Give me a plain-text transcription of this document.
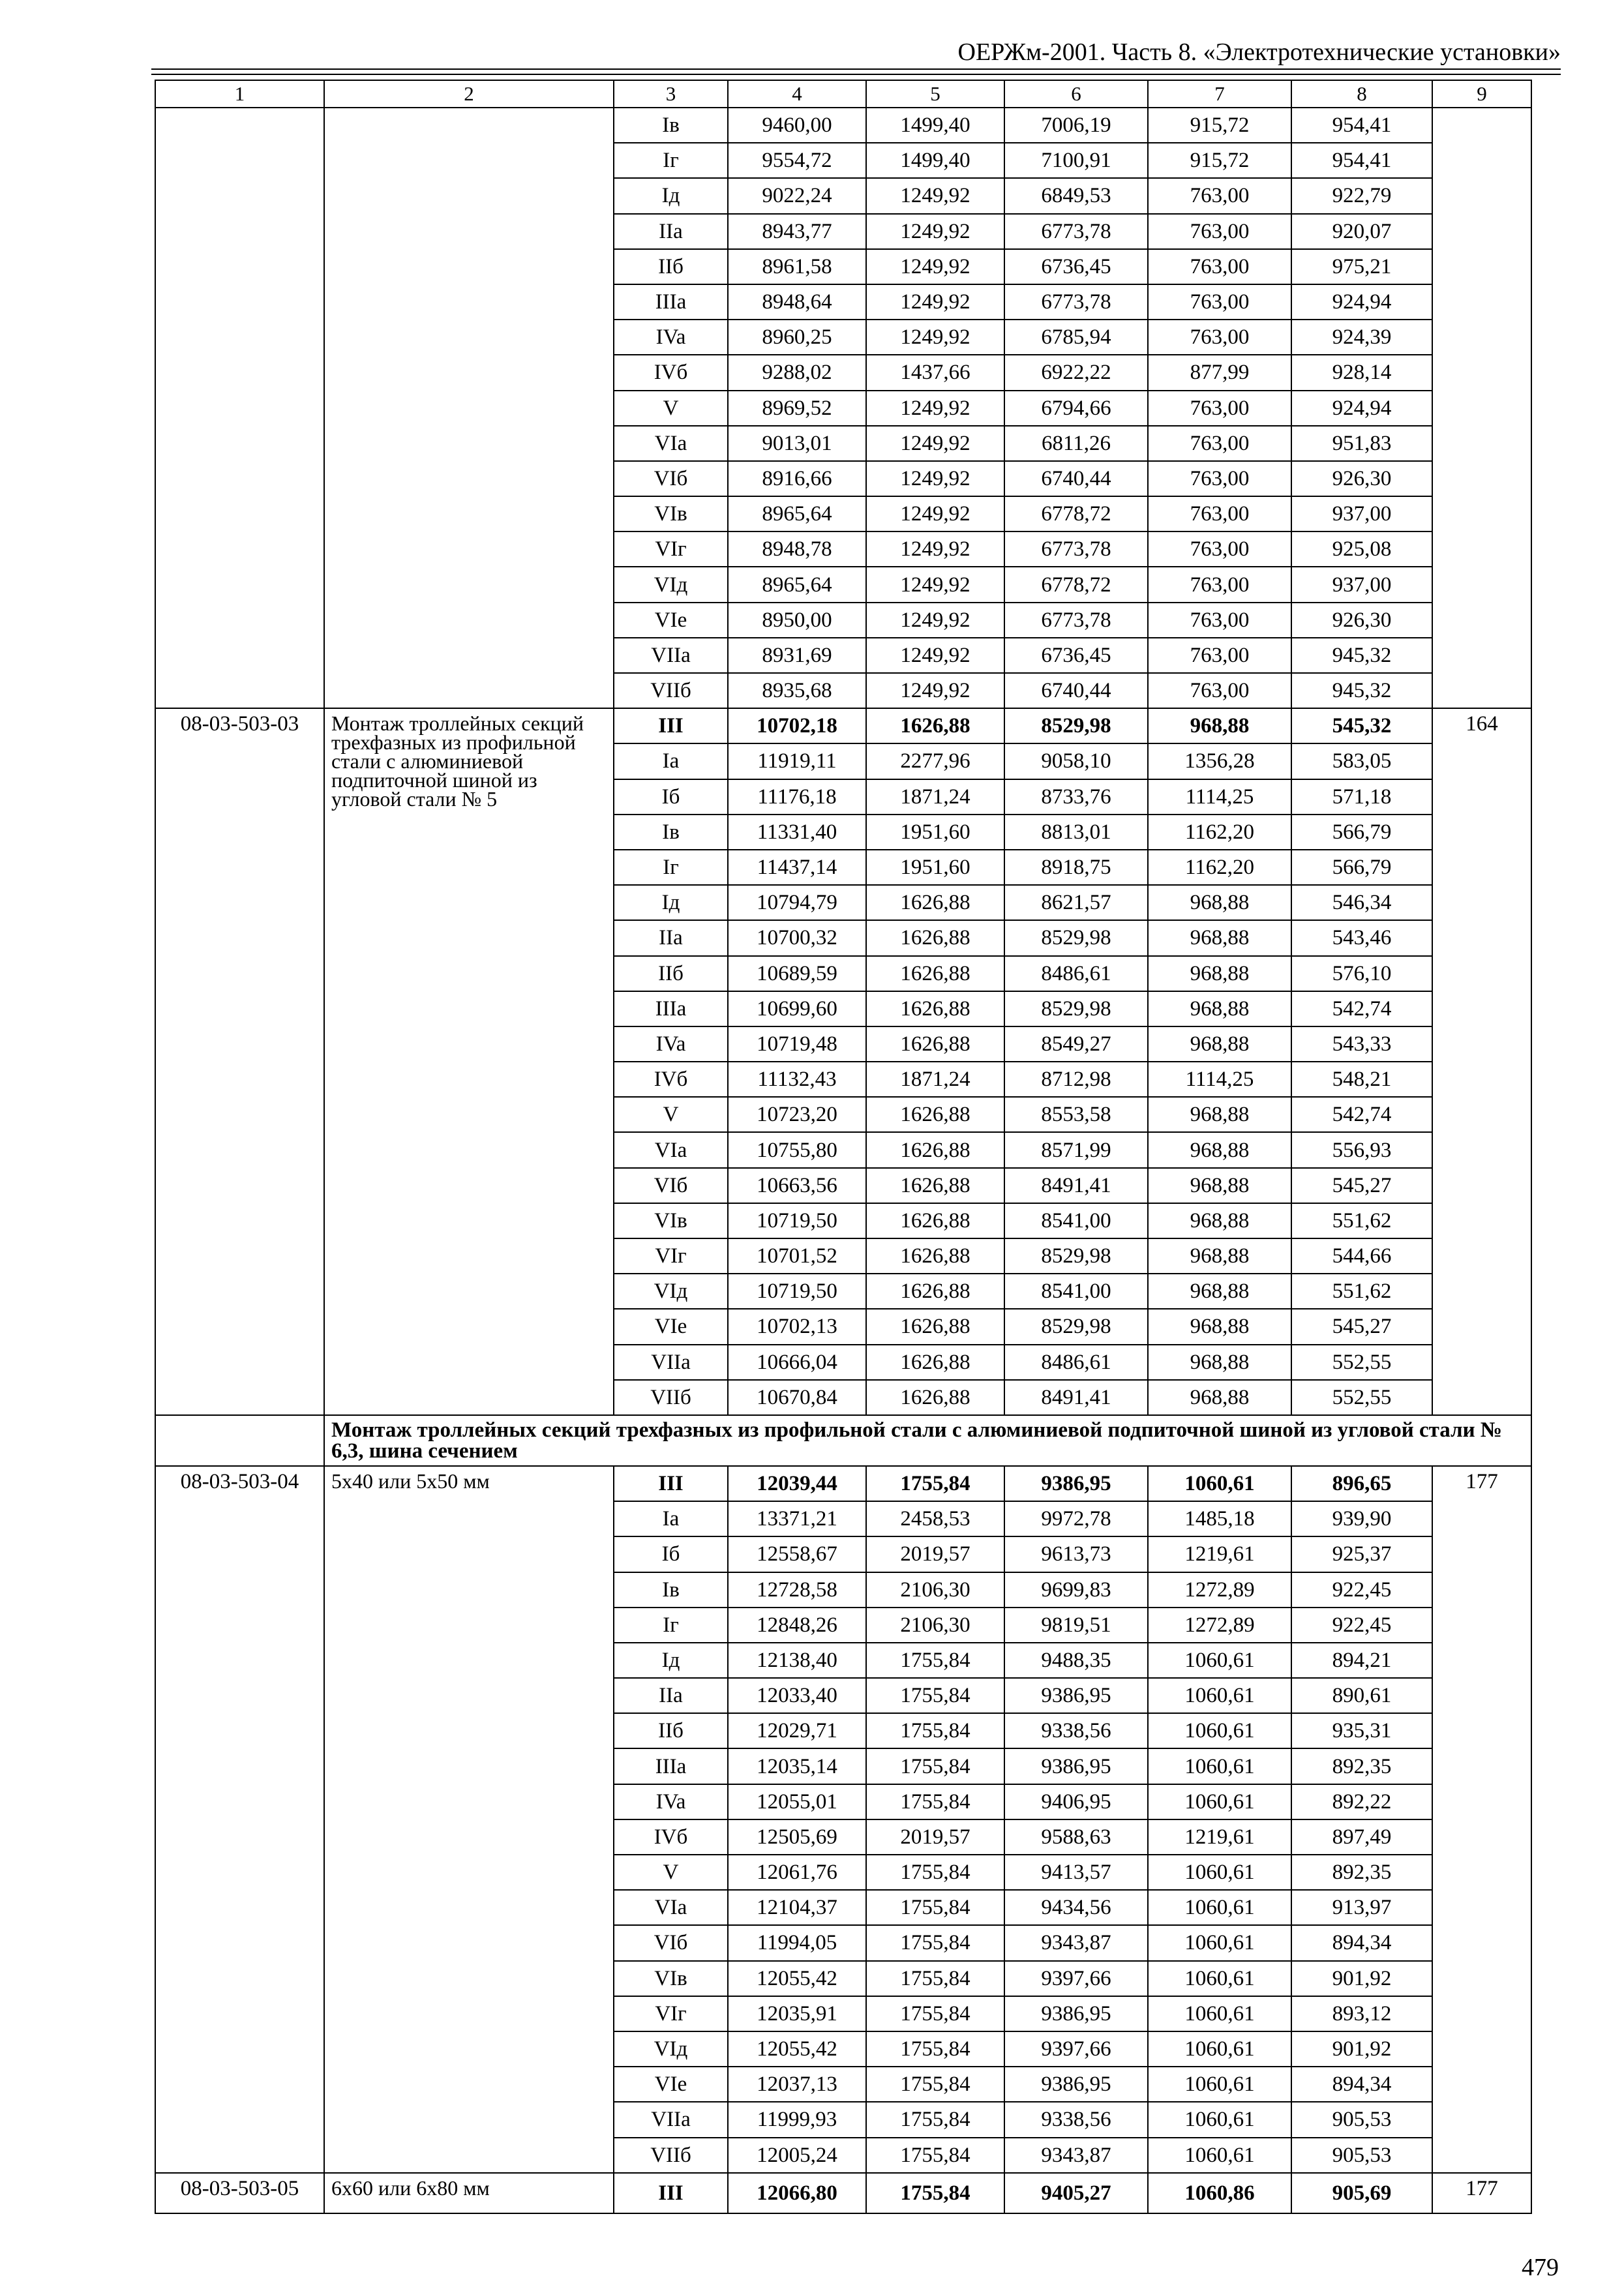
ОЕРЖм-2001. Часть 8. «Электротехнические установки»
1	2	3	4	5	6	7	8	9
		Iв	9460,00	1499,40	7006,19	915,72	954,41	
		Iг	9554,72	1499,40	7100,91	915,72	954,41	
		Iд	9022,24	1249,92	6849,53	763,00	922,79	
		IIa	8943,77	1249,92	6773,78	763,00	920,07	
		IIб	8961,58	1249,92	6736,45	763,00	975,21	
		IIIa	8948,64	1249,92	6773,78	763,00	924,94	
		IVa	8960,25	1249,92	6785,94	763,00	924,39	
		IVб	9288,02	1437,66	6922,22	877,99	928,14	
		V	8969,52	1249,92	6794,66	763,00	924,94	
		VIa	9013,01	1249,92	6811,26	763,00	951,83	
		VIб	8916,66	1249,92	6740,44	763,00	926,30	
		VIв	8965,64	1249,92	6778,72	763,00	937,00	
		VIг	8948,78	1249,92	6773,78	763,00	925,08	
		VIд	8965,64	1249,92	6778,72	763,00	937,00	
		VIе	8950,00	1249,92	6773,78	763,00	926,30	
		VIIa	8931,69	1249,92	6736,45	763,00	945,32	
		VIIб	8935,68	1249,92	6740,44	763,00	945,32	
08-03-503-03	Монтаж троллейных секций трехфазных из профильной стали с алюминиевой подпиточной шиной из угловой стали № 5	III	10702,18	1626,88	8529,98	968,88	545,32	164
		Ia	11919,11	2277,96	9058,10	1356,28	583,05	
		Iб	11176,18	1871,24	8733,76	1114,25	571,18	
		Iв	11331,40	1951,60	8813,01	1162,20	566,79	
		Iг	11437,14	1951,60	8918,75	1162,20	566,79	
		Iд	10794,79	1626,88	8621,57	968,88	546,34	
		IIa	10700,32	1626,88	8529,98	968,88	543,46	
		IIб	10689,59	1626,88	8486,61	968,88	576,10	
		IIIa	10699,60	1626,88	8529,98	968,88	542,74	
		IVa	10719,48	1626,88	8549,27	968,88	543,33	
		IVб	11132,43	1871,24	8712,98	1114,25	548,21	
		V	10723,20	1626,88	8553,58	968,88	542,74	
		VIa	10755,80	1626,88	8571,99	968,88	556,93	
		VIб	10663,56	1626,88	8491,41	968,88	545,27	
		VIв	10719,50	1626,88	8541,00	968,88	551,62	
		VIг	10701,52	1626,88	8529,98	968,88	544,66	
		VIд	10719,50	1626,88	8541,00	968,88	551,62	
		VIе	10702,13	1626,88	8529,98	968,88	545,27	
		VIIa	10666,04	1626,88	8486,61	968,88	552,55	
		VIIб	10670,84	1626,88	8491,41	968,88	552,55	
	Монтаж троллейных секций трехфазных из профильной стали с алюминиевой подпиточной шиной из угловой стали № 6,3, шина сечением							
08-03-503-04	5х40 или 5х50 мм	III	12039,44	1755,84	9386,95	1060,61	896,65	177
		Ia	13371,21	2458,53	9972,78	1485,18	939,90	
		Iб	12558,67	2019,57	9613,73	1219,61	925,37	
		Iв	12728,58	2106,30	9699,83	1272,89	922,45	
		Iг	12848,26	2106,30	9819,51	1272,89	922,45	
		Iд	12138,40	1755,84	9488,35	1060,61	894,21	
		IIa	12033,40	1755,84	9386,95	1060,61	890,61	
		IIб	12029,71	1755,84	9338,56	1060,61	935,31	
		IIIa	12035,14	1755,84	9386,95	1060,61	892,35	
		IVa	12055,01	1755,84	9406,95	1060,61	892,22	
		IVб	12505,69	2019,57	9588,63	1219,61	897,49	
		V	12061,76	1755,84	9413,57	1060,61	892,35	
		VIa	12104,37	1755,84	9434,56	1060,61	913,97	
		VIб	11994,05	1755,84	9343,87	1060,61	894,34	
		VIв	12055,42	1755,84	9397,66	1060,61	901,92	
		VIг	12035,91	1755,84	9386,95	1060,61	893,12	
		VIд	12055,42	1755,84	9397,66	1060,61	901,92	
		VIе	12037,13	1755,84	9386,95	1060,61	894,34	
		VIIa	11999,93	1755,84	9338,56	1060,61	905,53	
		VIIб	12005,24	1755,84	9343,87	1060,61	905,53	
08-03-503-05	6х60 или 6х80 мм	III	12066,80	1755,84	9405,27	1060,86	905,69	177
479
